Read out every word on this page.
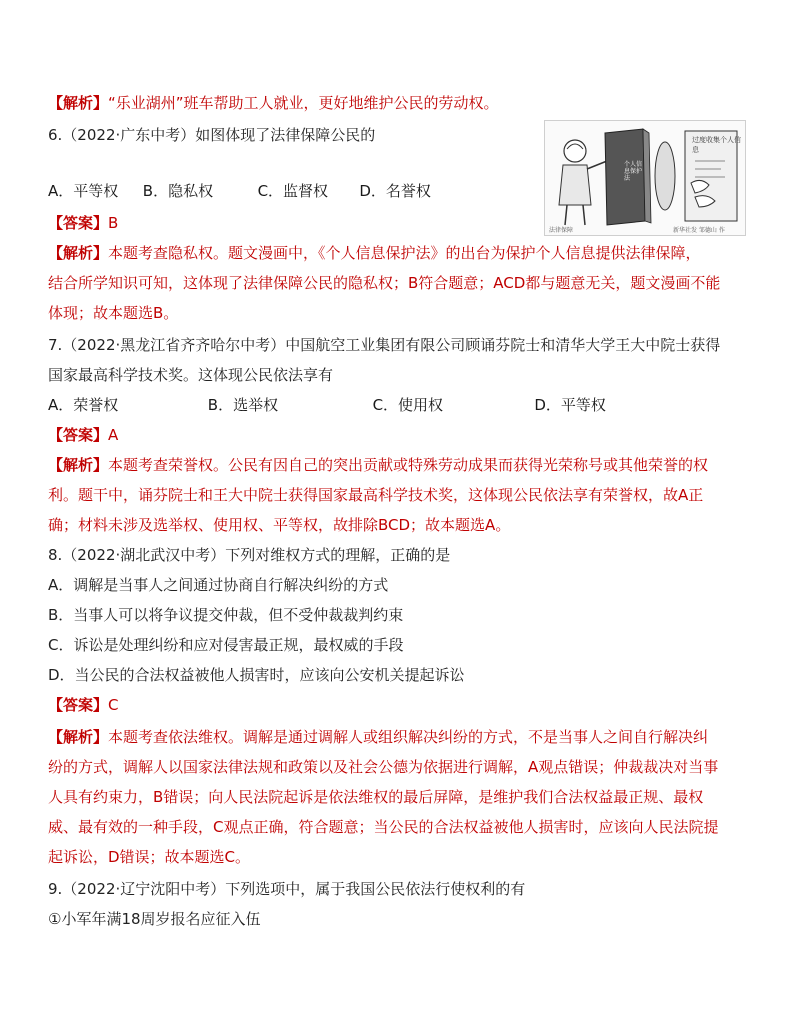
【解析】“乐业湖州”班车帮助工人就业，更好地维护公民的劳动权。
6.（2022·广东中考）如图体现了法律保障公民的
A．平等权 B．隐私权	C．监督权 D．名誉权
个人信息保护法
过度收集个人信息
法律保障	新华社发 邹德山 作
【答案】B
【解析】本题考查隐私权。题文漫画中，《个人信息保护法》的出台为保护个人信息提供法律保障，
结合所学知识可知，这体现了法律保障公民的隐私权；B符合题意；ACD都与题意无关，题文漫画不能
体现；故本题选B。
7.（2022·黑龙江省齐齐哈尔中考）中国航空工业集团有限公司顾诵芬院士和清华大学王大中院士获得
国家最高科学技术奖。这体现公民依法享有
A．荣誉权	B．选举权	C．使用权	D．平等权
【答案】A
【解析】本题考查荣誉权。公民有因自己的突出贡献或特殊劳动成果而获得光荣称号或其他荣誉的权
利。题干中，诵芬院士和王大中院士获得国家最高科学技术奖，这体现公民依法享有荣誉权，故A正
确；材料未涉及选举权、使用权、平等权，故排除BCD；故本题选A。
8.（2022·湖北武汉中考）下列对维权方式的理解，正确的是
A．调解是当事人之间通过协商自行解决纠纷的方式
B．当事人可以将争议提交仲裁，但不受仲裁裁判约束
C．诉讼是处理纠纷和应对侵害最正规，最权威的手段
D．当公民的合法权益被他人损害时，应该向公安机关提起诉讼
【答案】C
【解析】本题考查依法维权。调解是通过调解人或组织解决纠纷的方式，不是当事人之间自行解决纠
纷的方式，调解人以国家法律法规和政策以及社会公德为依据进行调解，A观点错误；仲裁裁决对当事
人具有约束力，B错误；向人民法院起诉是依法维权的最后屏障，是维护我们合法权益最正规、最权
威、最有效的一种手段，C观点正确，符合题意；当公民的合法权益被他人损害时，应该向人民法院提
起诉讼，D错误；故本题选C。
9.（2022·辽宁沈阳中考）下列选项中，属于我国公民依法行使权利的有
①小军年满18周岁报名应征入伍
